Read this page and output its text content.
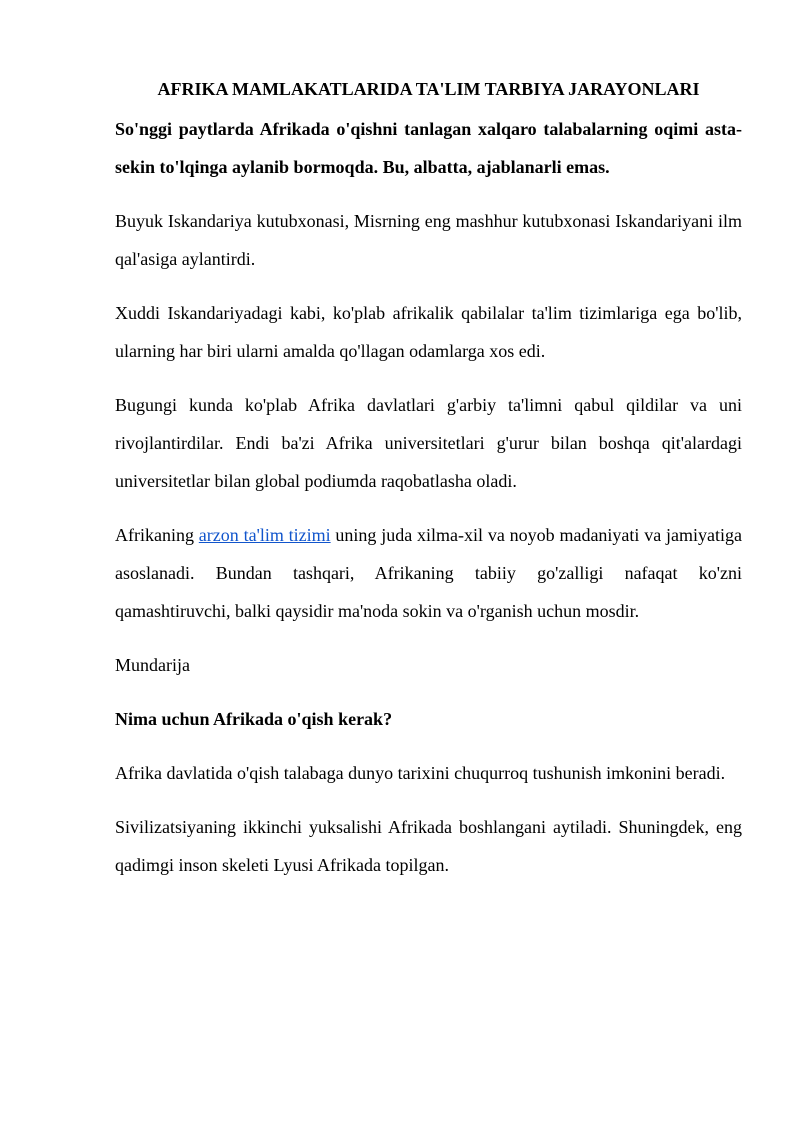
AFRIKA MAMLAKATLARIDA TA'LIM TARBIYA JARAYONLARI

So'nggi paytlarda Afrikada o'qishni tanlagan xalqaro talabalarning oqimi asta-sekin to'lqinga aylanib bormoqda. Bu, albatta, ajablanarli emas.

Buyuk Iskandariya kutubxonasi, Misrning eng mashhur kutubxonasi Iskandariyani ilm qal'asiga aylantirdi.

Xuddi Iskandariyadagi kabi, ko'plab afrikalik qabilalar ta'lim tizimlariga ega bo'lib, ularning har biri ularni amalda qo'llagan odamlarga xos edi.

Bugungi kunda ko'plab Afrika davlatlari g'arbiy ta'limni qabul qildilar va uni rivojlantirdilar. Endi ba'zi Afrika universitetlari g'urur bilan boshqa qit'alardagi universitetlar bilan global podiumda raqobatlasha oladi.

Afrikaning arzon ta'lim tizimi uning juda xilma-xil va noyob madaniyati va jamiyatiga asoslanadi. Bundan tashqari, Afrikaning tabiiy go'zalligi nafaqat ko'zni qamashtiruvchi, balki qaysidir ma'noda sokin va o'rganish uchun mosdir.

Mundarija
Nima uchun Afrikada o'qish kerak?

Afrika davlatida o'qish talabaga dunyo tarixini chuqurroq tushunish imkonini beradi.

Sivilizatsiyaning ikkinchi yuksalishi Afrikada boshlangani aytiladi. Shuningdek, eng qadimgi inson skeleti Lyusi Afrikada topilgan.
